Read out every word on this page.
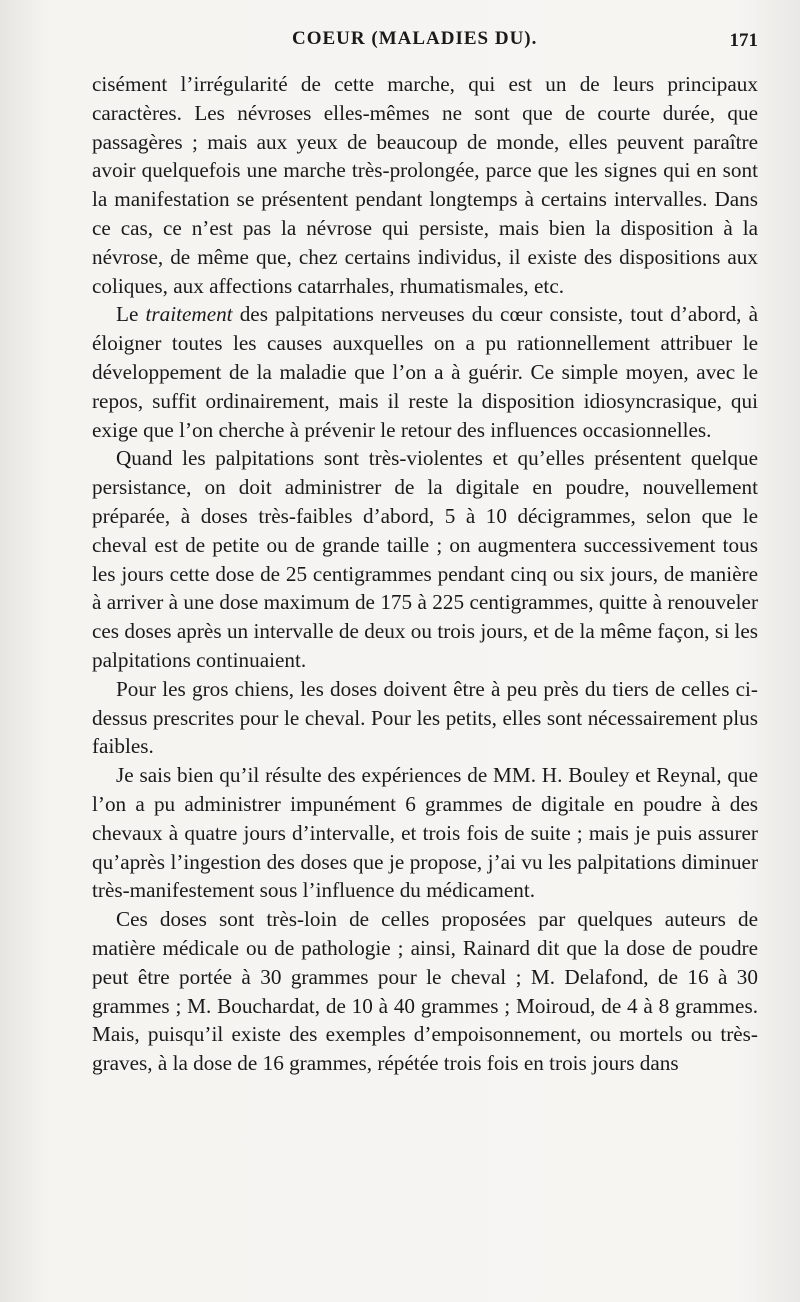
COEUR (MALADIES DU).	171

cisément l’irrégularité de cette marche, qui est un de leurs principaux caractères. Les névroses elles-mêmes ne sont que de courte durée, que passagères ; mais aux yeux de beaucoup de monde, elles peuvent paraître avoir quelquefois une marche très-prolongée, parce que les signes qui en sont la manifestation se présentent pendant longtemps à certains intervalles. Dans ce cas, ce n’est pas la névrose qui persiste, mais bien la disposition à la névrose, de même que, chez certains individus, il existe des dispositions aux coliques, aux affections catarrhales, rhumatismales, etc.

Le traitement des palpitations nerveuses du cœur consiste, tout d’abord, à éloigner toutes les causes auxquelles on a pu rationnellement attribuer le développement de la maladie que l’on a à guérir. Ce simple moyen, avec le repos, suffit ordinairement, mais il reste la disposition idiosyncrasique, qui exige que l’on cherche à prévenir le retour des influences occasionnelles.

Quand les palpitations sont très-violentes et qu’elles présentent quelque persistance, on doit administrer de la digitale en poudre, nouvellement préparée, à doses très-faibles d’abord, 5 à 10 décigrammes, selon que le cheval est de petite ou de grande taille ; on augmentera successivement tous les jours cette dose de 25 centigrammes pendant cinq ou six jours, de manière à arriver à une dose maximum de 175 à 225 centigrammes, quitte à renouveler ces doses après un intervalle de deux ou trois jours, et de la même façon, si les palpitations continuaient.

Pour les gros chiens, les doses doivent être à peu près du tiers de celles ci-dessus prescrites pour le cheval. Pour les petits, elles sont nécessairement plus faibles.

Je sais bien qu’il résulte des expériences de MM. H. Bouley et Reynal, que l’on a pu administrer impunément 6 grammes de digitale en poudre à des chevaux à quatre jours d’intervalle, et trois fois de suite ; mais je puis assurer qu’après l’ingestion des doses que je propose, j’ai vu les palpitations diminuer très-manifestement sous l’influence du médicament.

Ces doses sont très-loin de celles proposées par quelques auteurs de matière médicale ou de pathologie ; ainsi, Rainard dit que la dose de poudre peut être portée à 30 grammes pour le cheval ; M. Delafond, de 16 à 30 grammes ; M. Bouchardat, de 10 à 40 grammes ; Moiroud, de 4 à 8 grammes. Mais, puisqu’il existe des exemples d’empoisonnement, ou mortels ou très-graves, à la dose de 16 grammes, répétée trois fois en trois jours dans
